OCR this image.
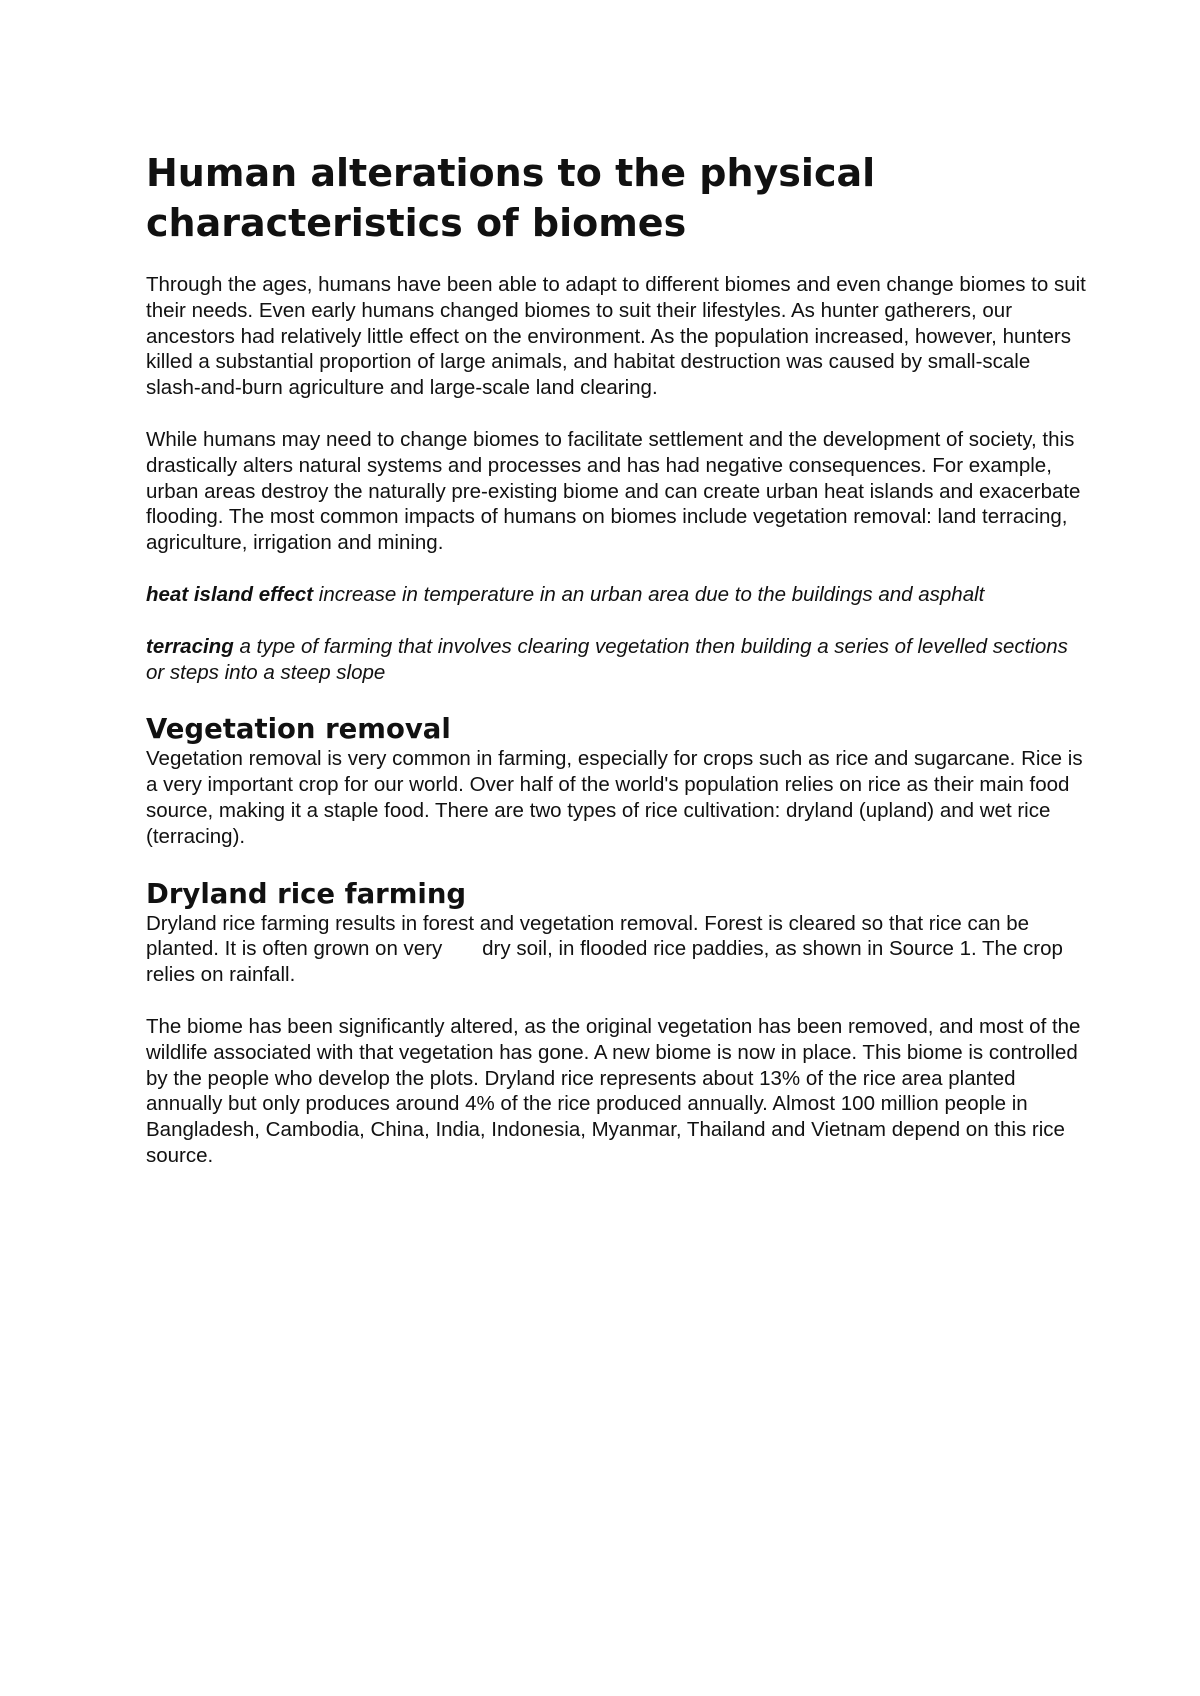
Human alterations to the physical characteristics of biomes

Through the ages, humans have been able to adapt to different biomes and even change biomes to suit their needs. Even early humans changed biomes to suit their lifestyles. As hunter gatherers, our ancestors had relatively little effect on the environment. As the population increased, however, hunters killed a substantial proportion of large animals, and habitat destruction was caused by small-scale slash-and-burn agriculture and large-scale land clearing.

While humans may need to change biomes to facilitate settlement and the development of society, this drastically alters natural systems and processes and has had negative consequences. For example, urban areas destroy the naturally pre-existing biome and can create urban heat islands and exacerbate flooding. The most common impacts of humans on biomes include vegetation removal: land terracing, agriculture, irrigation and mining.

heat island effect increase in temperature in an urban area due to the buildings and asphalt

terracing a type of farming that involves clearing vegetation then building a series of levelled sections or steps into a steep slope

Vegetation removal

Vegetation removal is very common in farming, especially for crops such as rice and sugarcane. Rice is a very important crop for our world. Over half of the world's population relies on rice as their main food source, making it a staple food. There are two types of rice cultivation: dryland (upland) and wet rice (terracing).

Dryland rice farming

Dryland rice farming results in forest and vegetation removal. Forest is cleared so that rice can be planted. It is often grown on very       dry soil, in flooded rice paddies, as shown in Source 1. The crop relies on rainfall.

The biome has been significantly altered, as the original vegetation has been removed, and most of the wildlife associated with that vegetation has gone. A new biome is now in place. This biome is controlled by the people who develop the plots. Dryland rice represents about 13% of the rice area planted annually but only produces around 4% of the rice produced annually. Almost 100 million people in Bangladesh, Cambodia, China, India, Indonesia, Myanmar, Thailand and Vietnam depend on this rice source.
